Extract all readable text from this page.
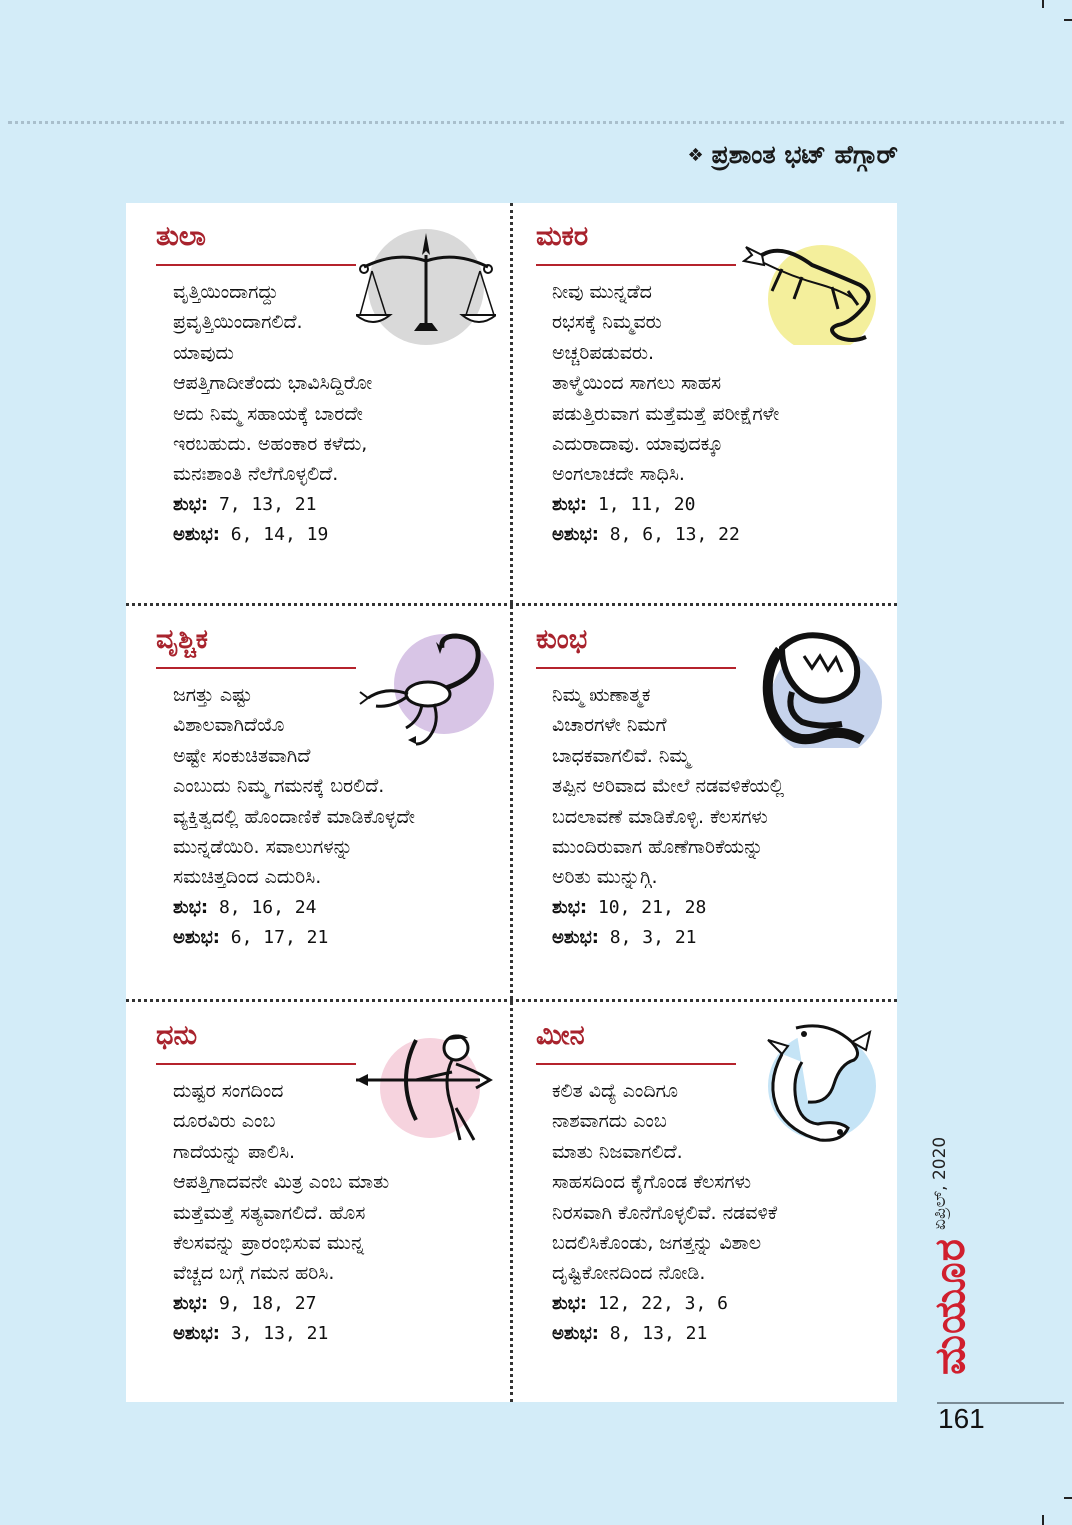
❖ ಪ್ರಶಾಂತ ಭಟ್ ಹೆಗ್ಗಾರ್
ತುಲಾ
ವೃತ್ತಿಯಿಂದಾಗದ್ದು
ಪ್ರವೃತ್ತಿಯಿಂದಾಗಲಿದೆ.
ಯಾವುದು
ಆಪತ್ತಿಗಾದೀತೆಂದು ಭಾವಿಸಿದ್ದಿರೋ
ಅದು ನಿಮ್ಮ ಸಹಾಯಕ್ಕೆ ಬಾರದೇ
ಇರಬಹುದು. ಅಹಂಕಾರ ಕಳೆದು,
ಮನಃಶಾಂತಿ ನೆಲೆಗೊಳ್ಳಲಿದೆ.
ಶುಭ: 7, 13, 21
ಅಶುಭ: 6, 14, 19
ಮಕರ
ನೀವು ಮುನ್ನಡೆದ
ರಭಸಕ್ಕೆ ನಿಮ್ಮವರು
ಅಚ್ಚರಿಪಡುವರು.
ತಾಳ್ಮೆಯಿಂದ ಸಾಗಲು ಸಾಹಸ
ಪಡುತ್ತಿರುವಾಗ ಮತ್ತೆಮತ್ತೆ ಪರೀಕ್ಷೆಗಳೇ
ಎದುರಾದಾವು. ಯಾವುದಕ್ಕೂ
ಅಂಗಲಾಚದೇ ಸಾಧಿಸಿ.
ಶುಭ: 1, 11, 20
ಅಶುಭ: 8, 6, 13, 22
ವೃಶ್ಚಿಕ
ಜಗತ್ತು ಎಷ್ಟು
ವಿಶಾಲವಾಗಿದೆಯೊ
ಅಷ್ಟೇ ಸಂಕುಚಿತವಾಗಿದೆ
ಎಂಬುದು ನಿಮ್ಮ ಗಮನಕ್ಕೆ ಬರಲಿದೆ.
ವ್ಯಕ್ತಿತ್ವದಲ್ಲಿ ಹೊಂದಾಣಿಕೆ ಮಾಡಿಕೊಳ್ಳದೇ
ಮುನ್ನಡೆಯಿರಿ. ಸವಾಲುಗಳನ್ನು
ಸಮಚಿತ್ತದಿಂದ ಎದುರಿಸಿ.
ಶುಭ: 8, 16, 24
ಅಶುಭ: 6, 17, 21
ಕುಂಭ
ನಿಮ್ಮ ಋಣಾತ್ಮಕ
ವಿಚಾರಗಳೇ ನಿಮಗೆ
ಬಾಧಕವಾಗಲಿವೆ. ನಿಮ್ಮ
ತಪ್ಪಿನ ಅರಿವಾದ ಮೇಲೆ ನಡವಳಿಕೆಯಲ್ಲಿ
ಬದಲಾವಣೆ ಮಾಡಿಕೊಳ್ಳಿ. ಕೆಲಸಗಳು
ಮುಂದಿರುವಾಗ ಹೊಣೆಗಾರಿಕೆಯನ್ನು
ಅರಿತು ಮುನ್ನುಗ್ಗಿ.
ಶುಭ: 10, 21, 28
ಅಶುಭ: 8, 3, 21
ಧನು
ದುಷ್ಟರ ಸಂಗದಿಂದ
ದೂರವಿರು ಎಂಬ
ಗಾದೆಯನ್ನು ಪಾಲಿಸಿ.
ಆಪತ್ತಿಗಾದವನೇ ಮಿತ್ರ ಎಂಬ ಮಾತು
ಮತ್ತೆಮತ್ತೆ ಸತ್ಯವಾಗಲಿದೆ. ಹೊಸ
ಕೆಲಸವನ್ನು ಪ್ರಾರಂಭಿಸುವ ಮುನ್ನ
ವೆಚ್ಚದ ಬಗ್ಗೆ ಗಮನ ಹರಿಸಿ.
ಶುಭ: 9, 18, 27
ಅಶುಭ: 3, 13, 21
ಮೀನ
ಕಲಿತ ವಿದ್ಯೆ ಎಂದಿಗೂ
ನಾಶವಾಗದು ಎಂಬ
ಮಾತು ನಿಜವಾಗಲಿದೆ.
ಸಾಹಸದಿಂದ ಕೈಗೊಂಡ ಕೆಲಸಗಳು
ನಿರಸವಾಗಿ ಕೊನೆಗೊಳ್ಳಲಿವೆ. ನಡವಳಿಕೆ
ಬದಲಿಸಿಕೊಂಡು, ಜಗತ್ತನ್ನು ವಿಶಾಲ
ದೃಷ್ಟಿಕೋನದಿಂದ ನೋಡಿ.
ಶುಭ: 12, 22, 3, 6
ಅಶುಭ: 8, 13, 21
ಏಪ್ರಿಲ್, 2020
ಮಯೂರ
161
